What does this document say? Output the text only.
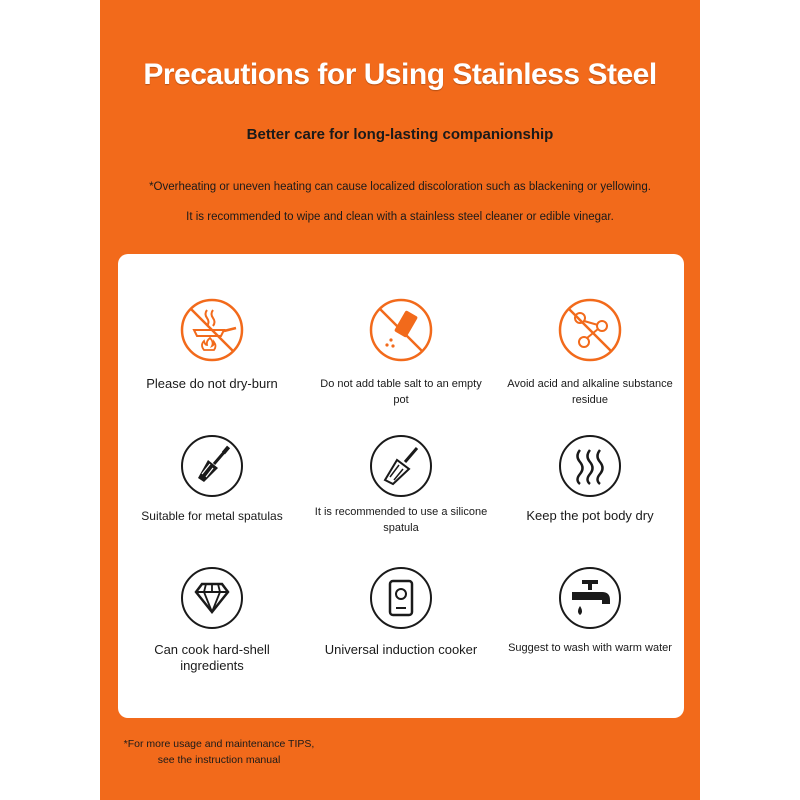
Precautions for Using Stainless Steel
Better care for long-lasting companionship
*Overheating or uneven heating can cause localized discoloration such as blackening or yellowing.
It is recommended to wipe and clean with a stainless steel cleaner or edible vinegar.
Please do not dry-burn	Do not add table salt to an empty pot
Avoid acid and alkaline substance residue
Suitable for metal spatulas	It is recommended to use a silicone spatula
Keep the pot body dry
Can cook hard-shell ingredients
Universal induction cooker	Suggest to wash with warm water
*For more usage and maintenance TIPS, see the instruction manual
